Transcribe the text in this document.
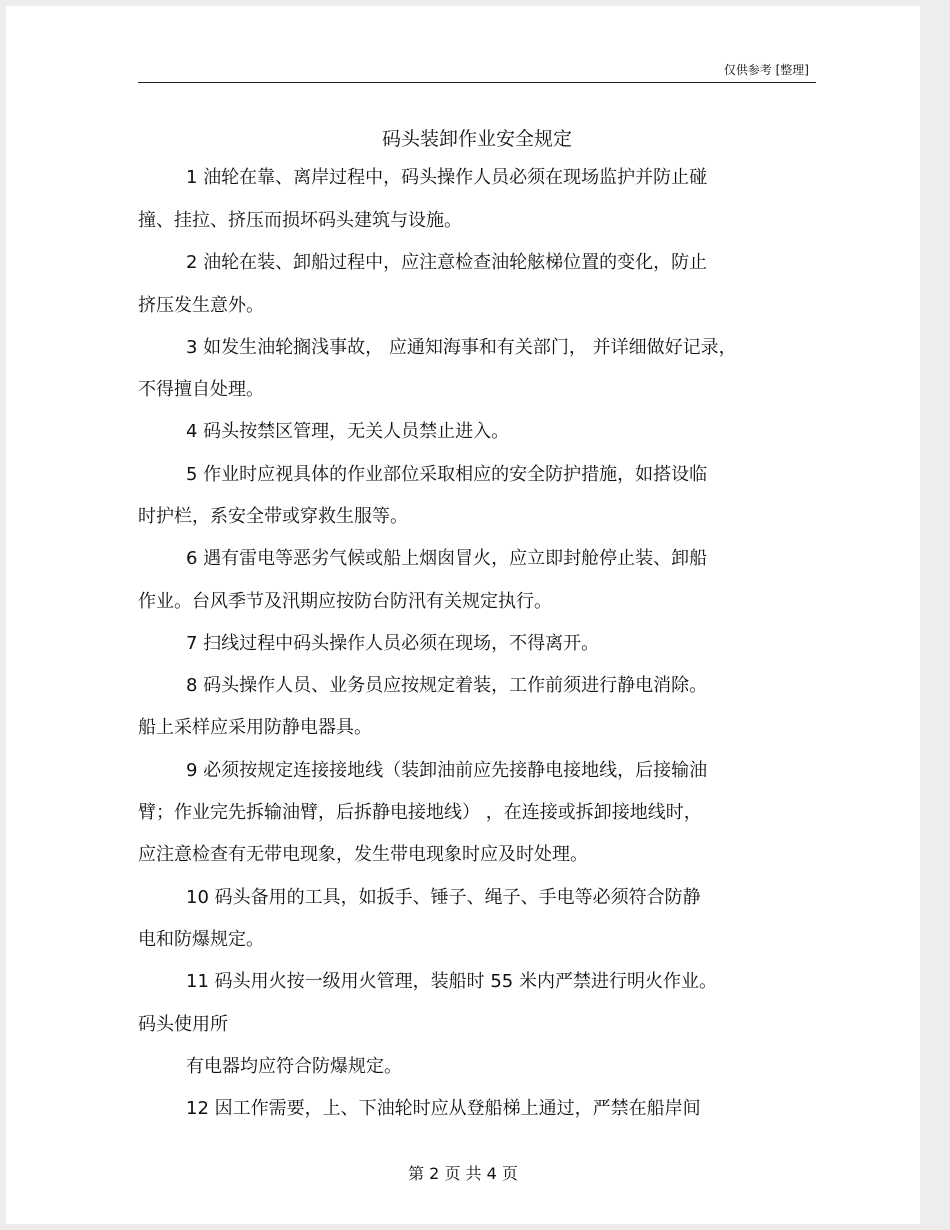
仅供参考 [整理]
码头装卸作业安全规定
1 油轮在靠、离岸过程中，码头操作人员必须在现场监护并防止碰
撞、挂拉、挤压而损坏码头建筑与设施。
2 油轮在装、卸船过程中，应注意检查油轮舷梯位置的变化，防止
挤压发生意外。
3 如发生油轮搁浅事故， 应通知海事和有关部门， 并详细做好记录，
不得擅自处理。
4 码头按禁区管理，无关人员禁止进入。
5 作业时应视具体的作业部位采取相应的安全防护措施，如搭设临
时护栏，系安全带或穿救生服等。
6 遇有雷电等恶劣气候或船上烟囱冒火，应立即封舱停止装、卸船
作业。台风季节及汛期应按防台防汛有关规定执行。
7 扫线过程中码头操作人员必须在现场，不得离开。
8 码头操作人员、业务员应按规定着装，工作前须进行静电消除。
船上采样应采用防静电器具。
9 必须按规定连接接地线（装卸油前应先接静电接地线，后接输油
臂；作业完先拆输油臂，后拆静电接地线） ，在连接或拆卸接地线时，
应注意检查有无带电现象，发生带电现象时应及时处理。
10 码头备用的工具，如扳手、锤子、绳子、手电等必须符合防静
电和防爆规定。
11 码头用火按一级用火管理，装船时 55 米内严禁进行明火作业。
码头使用所
有电器均应符合防爆规定。
12 因工作需要，上、下油轮时应从登船梯上通过，严禁在船岸间
第 2 页 共 4 页
